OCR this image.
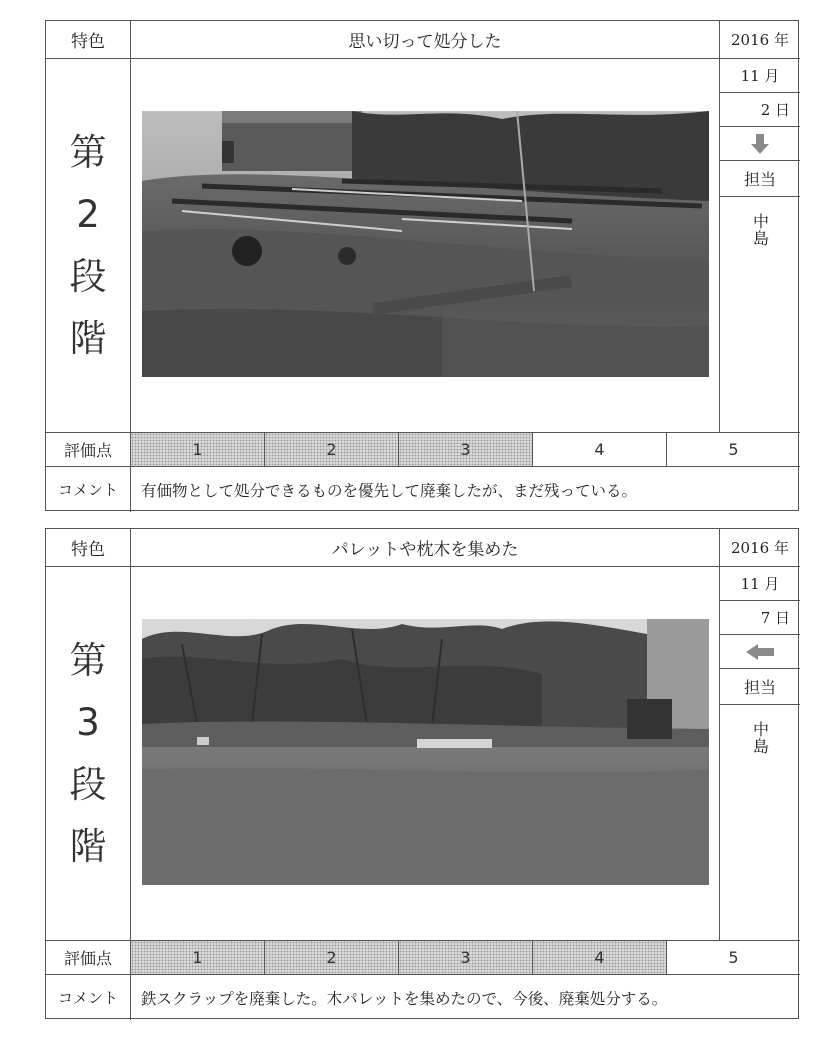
特色	思い切って処分した	2016 年
第
2
段
階
11 月
2 日
担当
中島
評価点	1	2	3	4	5
コメント	有価物として処分できるものを優先して廃棄したが、まだ残っている。
特色	パレットや枕木を集めた	2016 年
第
3
段
階
11 月
7 日
担当
中島
評価点	1	2	3	4	5
コメント	鉄スクラップを廃棄した。木パレットを集めたので、今後、廃棄処分する。
